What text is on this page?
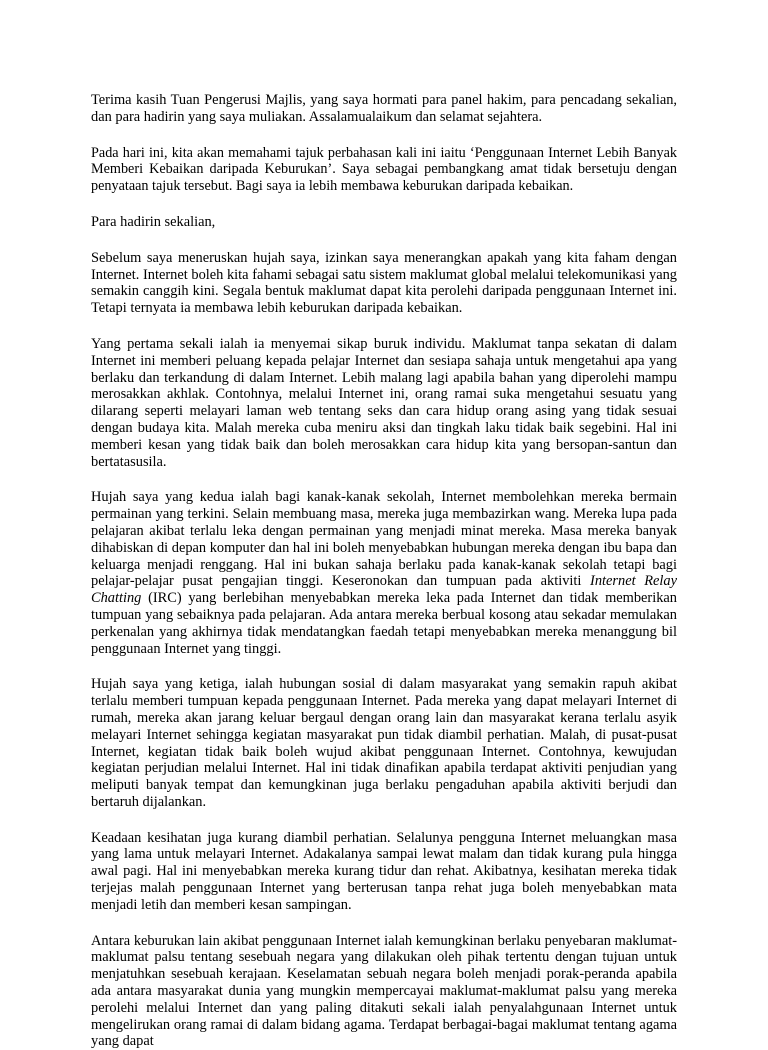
Terima kasih Tuan Pengerusi Majlis, yang saya hormati para panel hakim, para pencadang sekalian, dan para hadirin yang saya muliakan. Assalamualaikum dan selamat sejahtera.

Pada hari ini, kita akan memahami tajuk perbahasan kali ini iaitu ‘Penggunaan Internet Lebih Banyak Memberi Kebaikan daripada Keburukan’. Saya sebagai pembangkang amat tidak bersetuju dengan penyataan tajuk tersebut. Bagi saya ia lebih membawa keburukan daripada kebaikan.

Para hadirin sekalian,

Sebelum saya meneruskan hujah saya, izinkan saya menerangkan apakah yang kita faham dengan Internet. Internet boleh kita fahami sebagai satu sistem maklumat global melalui telekomunikasi yang semakin canggih kini. Segala bentuk maklumat dapat kita perolehi daripada penggunaan Internet ini. Tetapi ternyata ia membawa lebih keburukan daripada kebaikan.

Yang pertama sekali ialah ia menyemai sikap buruk individu. Maklumat tanpa sekatan di dalam Internet ini memberi peluang kepada pelajar Internet dan sesiapa sahaja untuk mengetahui apa yang berlaku dan terkandung di dalam Internet. Lebih malang lagi apabila bahan yang diperolehi mampu merosakkan akhlak. Contohnya, melalui Internet ini, orang ramai suka mengetahui sesuatu yang dilarang seperti melayari laman web tentang seks dan cara hidup orang asing yang tidak sesuai dengan budaya kita. Malah mereka cuba meniru aksi dan tingkah laku tidak baik segebini. Hal ini memberi kesan yang tidak baik dan boleh merosakkan cara hidup kita yang bersopan-santun dan bertatasusila.

Hujah saya yang kedua ialah bagi kanak-kanak sekolah, Internet membolehkan mereka bermain permainan yang terkini. Selain membuang masa, mereka juga membazirkan wang. Mereka lupa pada pelajaran akibat terlalu leka dengan permainan yang menjadi minat mereka. Masa mereka banyak dihabiskan di depan komputer dan hal ini boleh menyebabkan hubungan mereka dengan ibu bapa dan keluarga menjadi renggang. Hal ini bukan sahaja berlaku pada kanak-kanak sekolah tetapi bagi pelajar-pelajar pusat pengajian tinggi. Keseronokan dan tumpuan pada aktiviti Internet Relay Chatting (IRC) yang berlebihan menyebabkan mereka leka pada Internet dan tidak memberikan tumpuan yang sebaiknya pada pelajaran. Ada antara mereka berbual kosong atau sekadar memulakan perkenalan yang akhirnya tidak mendatangkan faedah tetapi menyebabkan mereka menanggung bil penggunaan Internet yang tinggi.

Hujah saya yang ketiga, ialah hubungan sosial di dalam masyarakat yang semakin rapuh akibat terlalu memberi tumpuan kepada penggunaan Internet. Pada mereka yang dapat melayari Internet di rumah, mereka akan jarang keluar bergaul dengan orang lain dan masyarakat kerana terlalu asyik melayari Internet sehingga kegiatan masyarakat pun tidak diambil perhatian. Malah, di pusat-pusat Internet, kegiatan tidak baik boleh wujud akibat penggunaan Internet. Contohnya, kewujudan kegiatan perjudian melalui Internet. Hal ini tidak dinafikan apabila terdapat aktiviti penjudian yang meliputi banyak tempat dan kemungkinan juga berlaku pengaduhan apabila aktiviti berjudi dan bertaruh dijalankan.

Keadaan kesihatan juga kurang diambil perhatian. Selalunya pengguna Internet meluangkan masa yang lama untuk melayari Internet. Adakalanya sampai lewat malam dan tidak kurang pula hingga awal pagi. Hal ini menyebabkan mereka kurang tidur dan rehat. Akibatnya, kesihatan mereka tidak terjejas malah penggunaan Internet yang berterusan tanpa rehat juga boleh menyebabkan mata menjadi letih dan memberi kesan sampingan.

Antara keburukan lain akibat penggunaan Internet ialah kemungkinan berlaku penyebaran maklumat-maklumat palsu tentang sesebuah negara yang dilakukan oleh pihak tertentu dengan tujuan untuk menjatuhkan sesebuah kerajaan. Keselamatan sebuah negara boleh menjadi porak-peranda apabila ada antara masyarakat dunia yang mungkin mempercayai maklumat-maklumat palsu yang mereka perolehi melalui Internet dan yang paling ditakuti sekali ialah penyalahgunaan Internet untuk mengelirukan orang ramai di dalam bidang agama. Terdapat berbagai-bagai maklumat tentang agama yang dapat
